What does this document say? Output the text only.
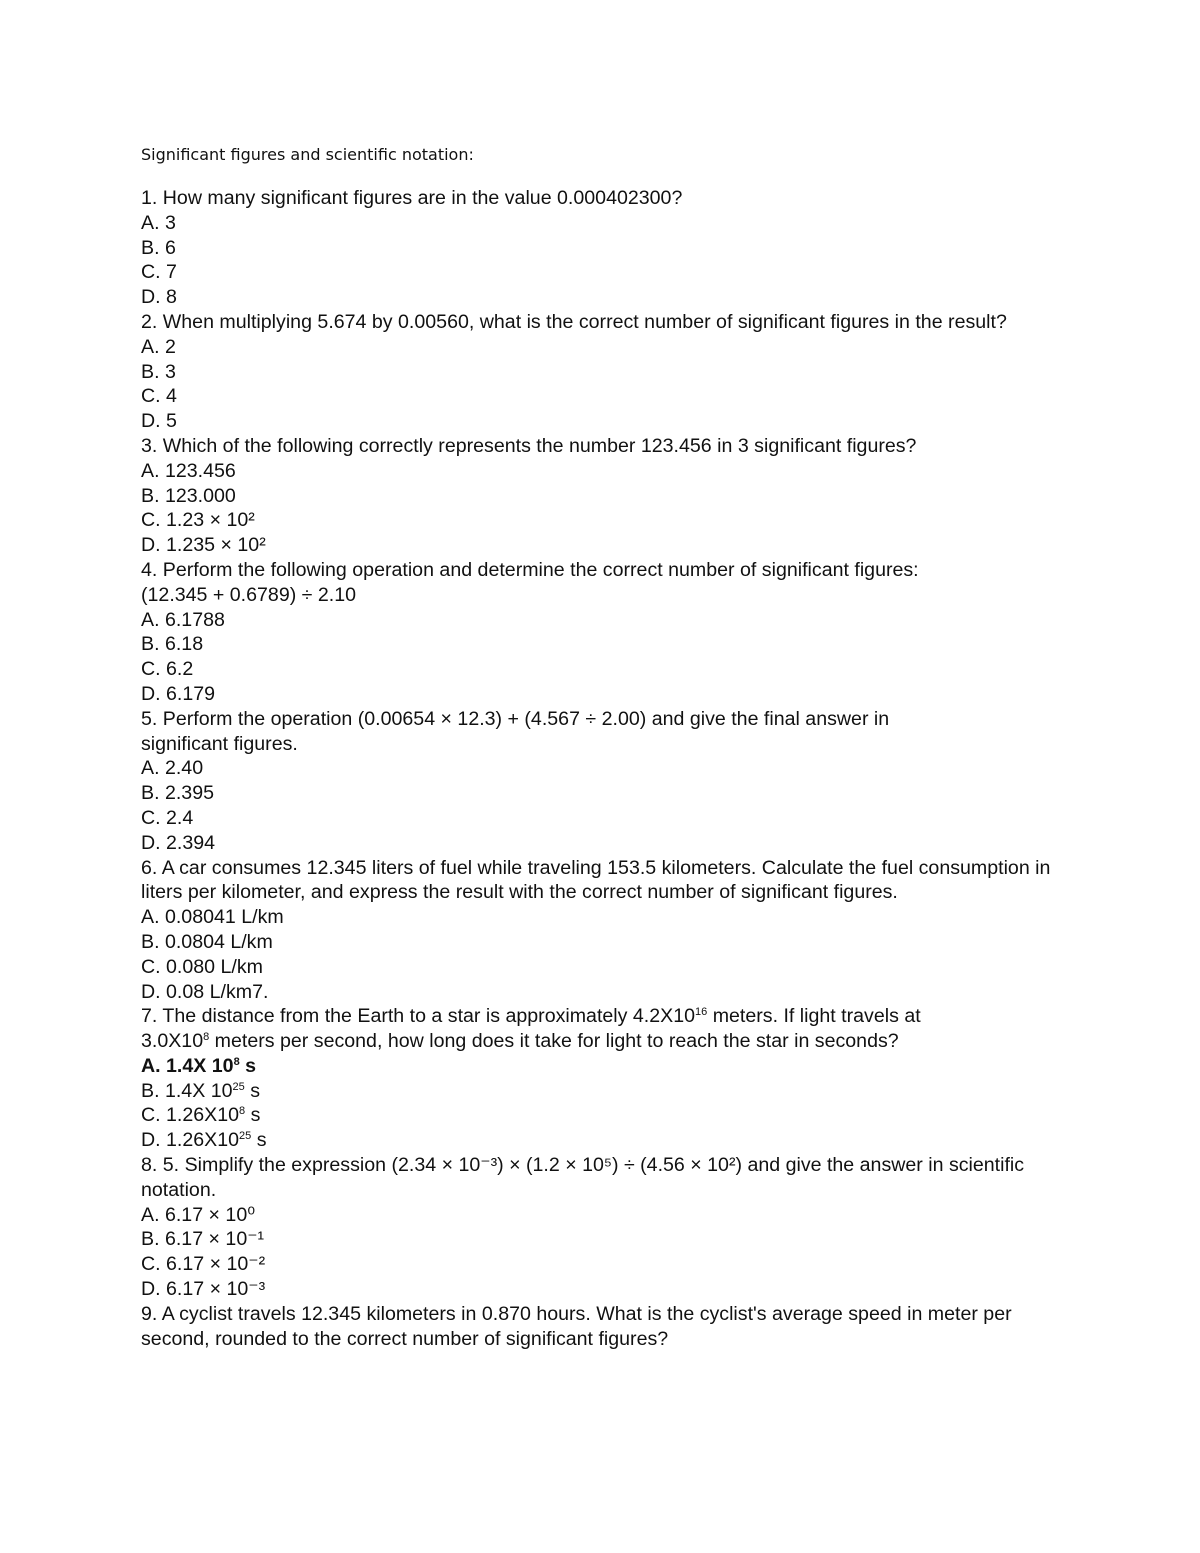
Significant figures and scientific notation:
1. How many significant figures are in the value 0.000402300?
A. 3
B. 6
C. 7
D. 8
2. When multiplying 5.674 by 0.00560, what is the correct number of significant figures in the result?
A. 2
B. 3
C. 4
D. 5
3. Which of the following correctly represents the number 123.456 in 3 significant figures?
A. 123.456
B. 123.000
C. 1.23 × 10²
D. 1.235 × 10²
4. Perform the following operation and determine the correct number of significant figures:
(12.345 + 0.6789) ÷ 2.10
A. 6.1788
B. 6.18
C. 6.2
D. 6.179
5. Perform the operation (0.00654 × 12.3) + (4.567 ÷ 2.00) and give the final answer in significant figures.
A. 2.40
B. 2.395
C. 2.4
D. 2.394
6. A car consumes 12.345 liters of fuel while traveling 153.5 kilometers. Calculate the fuel consumption in liters per kilometer, and express the result with the correct number of significant figures.
A. 0.08041 L/km
B. 0.0804 L/km
C. 0.080 L/km
D. 0.08 L/km7.
7. The distance from the Earth to a star is approximately $4.2X10^{16}$ meters. If light travels at
$3.0X10^8$ meters per second, how long does it take for light to reach the star in seconds?
A. 1.4X $10^8$ s
B. 1.4X $10^{25}$ s
C. $1.26X10^8$ s
D. $1.26X10^{25}$ s
8. 5. Simplify the expression (2.34 × 10⁻³) × (1.2 × 10⁵) ÷ (4.56 × 10²) and give the answer in scientific notation.
A. 6.17 × 10⁰
B. 6.17 × 10⁻¹
C. 6.17 × 10⁻²
D. 6.17 × 10⁻³
9. A cyclist travels 12.345 kilometers in 0.870 hours. What is the cyclist's average speed in meter per second, rounded to the correct number of significant figures?
